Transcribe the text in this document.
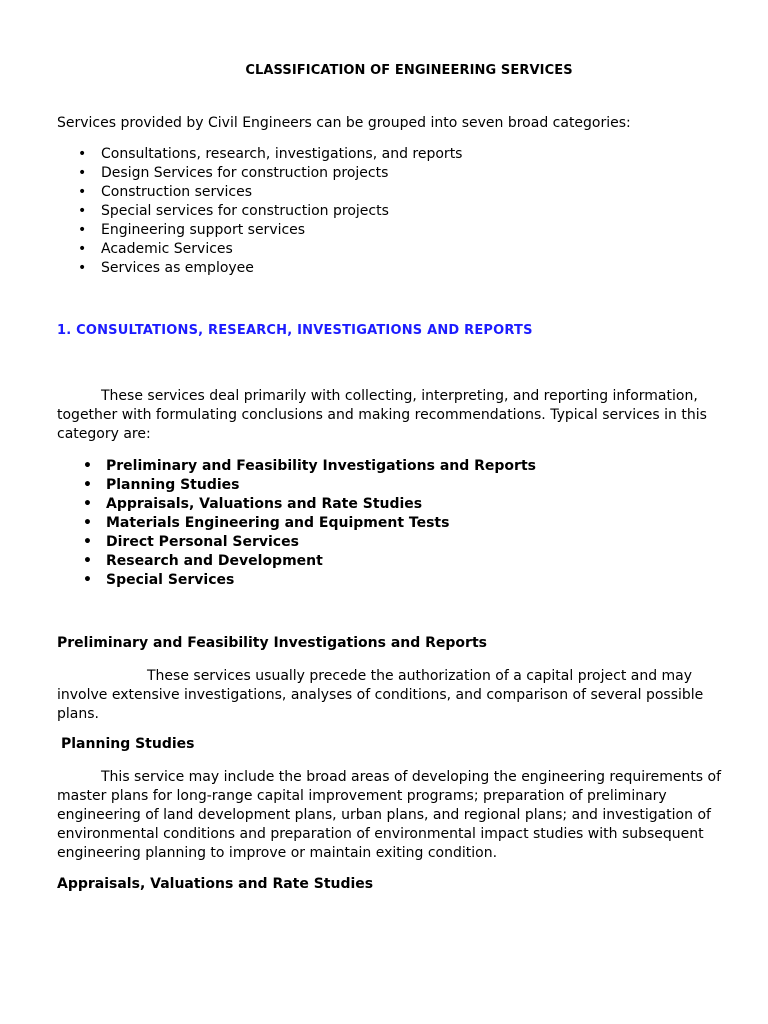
CLASSIFICATION OF ENGINEERING SERVICES

Services provided by Civil Engineers can be grouped into seven broad categories:

• Consultations, research, investigations, and reports
• Design Services for construction projects
• Construction services
• Special services for construction projects
• Engineering support services
• Academic Services
• Services as employee
1. CONSULTATIONS, RESEARCH, INVESTIGATIONS AND REPORTS
These services deal primarily with collecting, interpreting, and reporting information,
together with formulating conclusions and making recommendations. Typical services in this
category are:
• Preliminary and Feasibility Investigations and Reports
• Planning Studies
• Appraisals, Valuations and Rate Studies
• Materials Engineering and Equipment Tests
• Direct Personal Services
• Research and Development
• Special Services
Preliminary and Feasibility Investigations and Reports
These services usually precede the authorization of a capital project and may
involve extensive investigations, analyses of conditions, and comparison of several possible
plans.
Planning Studies
This service may include the broad areas of developing the engineering requirements of
master plans for long-range capital improvement programs; preparation of preliminary
engineering of land development plans, urban plans, and regional plans; and investigation of
environmental conditions and preparation of environmental impact studies with subsequent
engineering planning to improve or maintain exiting condition.
Appraisals, Valuations and Rate Studies
